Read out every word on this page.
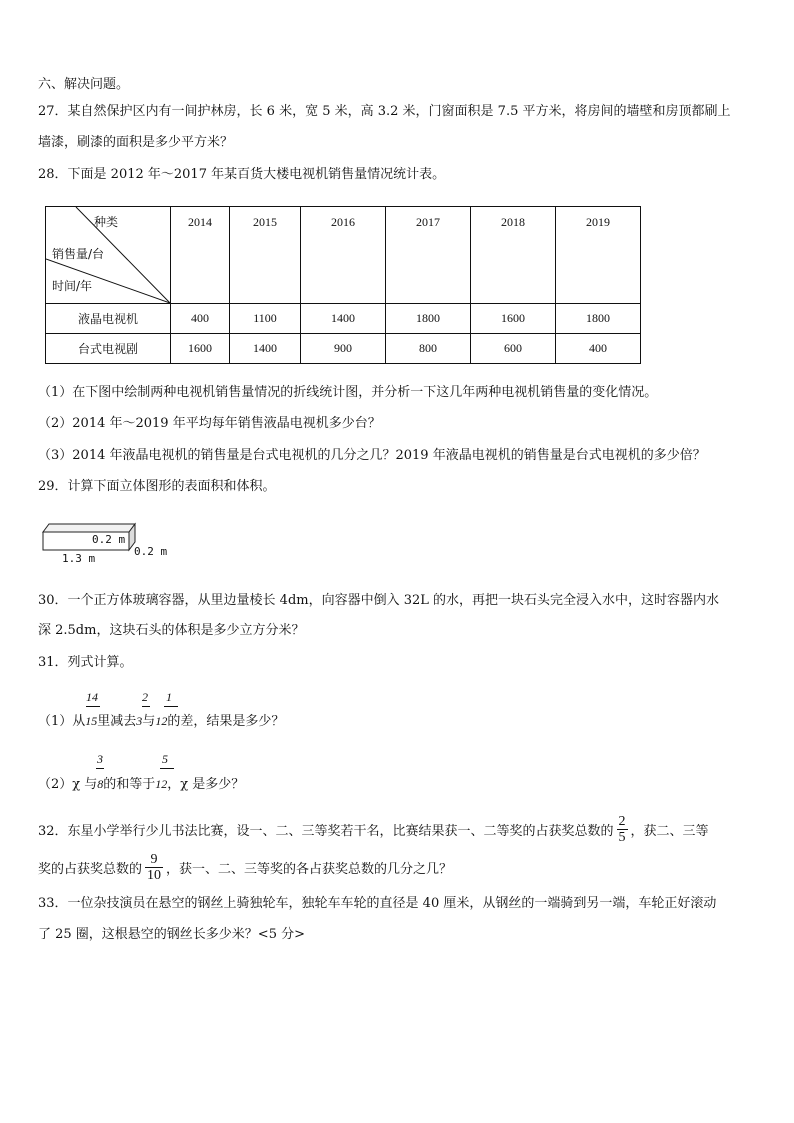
六、解决问题。
27．某自然保护区内有一间护林房，长 6 米，宽 5 米，高 3.2 米，门窗面积是 7.5 平方米，将房间的墙壁和房顶都刷上
墙漆，刷漆的面积是多少平方米？
28．下面是 2012 年～2017 年某百货大楼电视机销售量情况统计表。
种类
销售量/台
时间/年	2014	2015	2016	2017	2018	2019
液晶电视机	400	1100	1400	1800	1600	1800
台式电视剧	1600	1400	900	800	600	400
（1）在下图中绘制两种电视机销售量情况的折线统计图，并分析一下这几年两种电视机销售量的变化情况。
（2）2014 年～2019 年平均每年销售液晶电视机多少台？
（3）2014 年液晶电视机的销售量是台式电视机的几分之几？2019 年液晶电视机的销售量是台式电视机的多少倍？
29．计算下面立体图形的表面积和体积。
0.2 m
0.2 m
1.3 m
30．一个正方体玻璃容器，从里边量棱长 4dm，向容器中倒入 32L 的水，再把一块石头完全浸入水中，这时容器内水
深 2.5dm，这块石头的体积是多少立方分米？
31．列式计算。
14	2 1
（1）从15里减去3与12的差，结果是多少？
3	5
（2）χ 与8的和等于12，χ 是多少？
32．东星小学举行少儿书法比赛，设一、二、三等奖若干名，比赛结果获一、二等奖的占获奖总数的 $\frac{2}{5}$ ，获二、三等
奖的占获奖总数的 $\frac{9}{10}$ ，获一、二、三等奖的各占获奖总数的几分之几？
33．一位杂技演员在悬空的钢丝上骑独轮车，独轮车车轮的直径是 40 厘米，从钢丝的一端骑到另一端，车轮正好滚动
了 25 圈，这根悬空的钢丝长多少米？<5 分>
